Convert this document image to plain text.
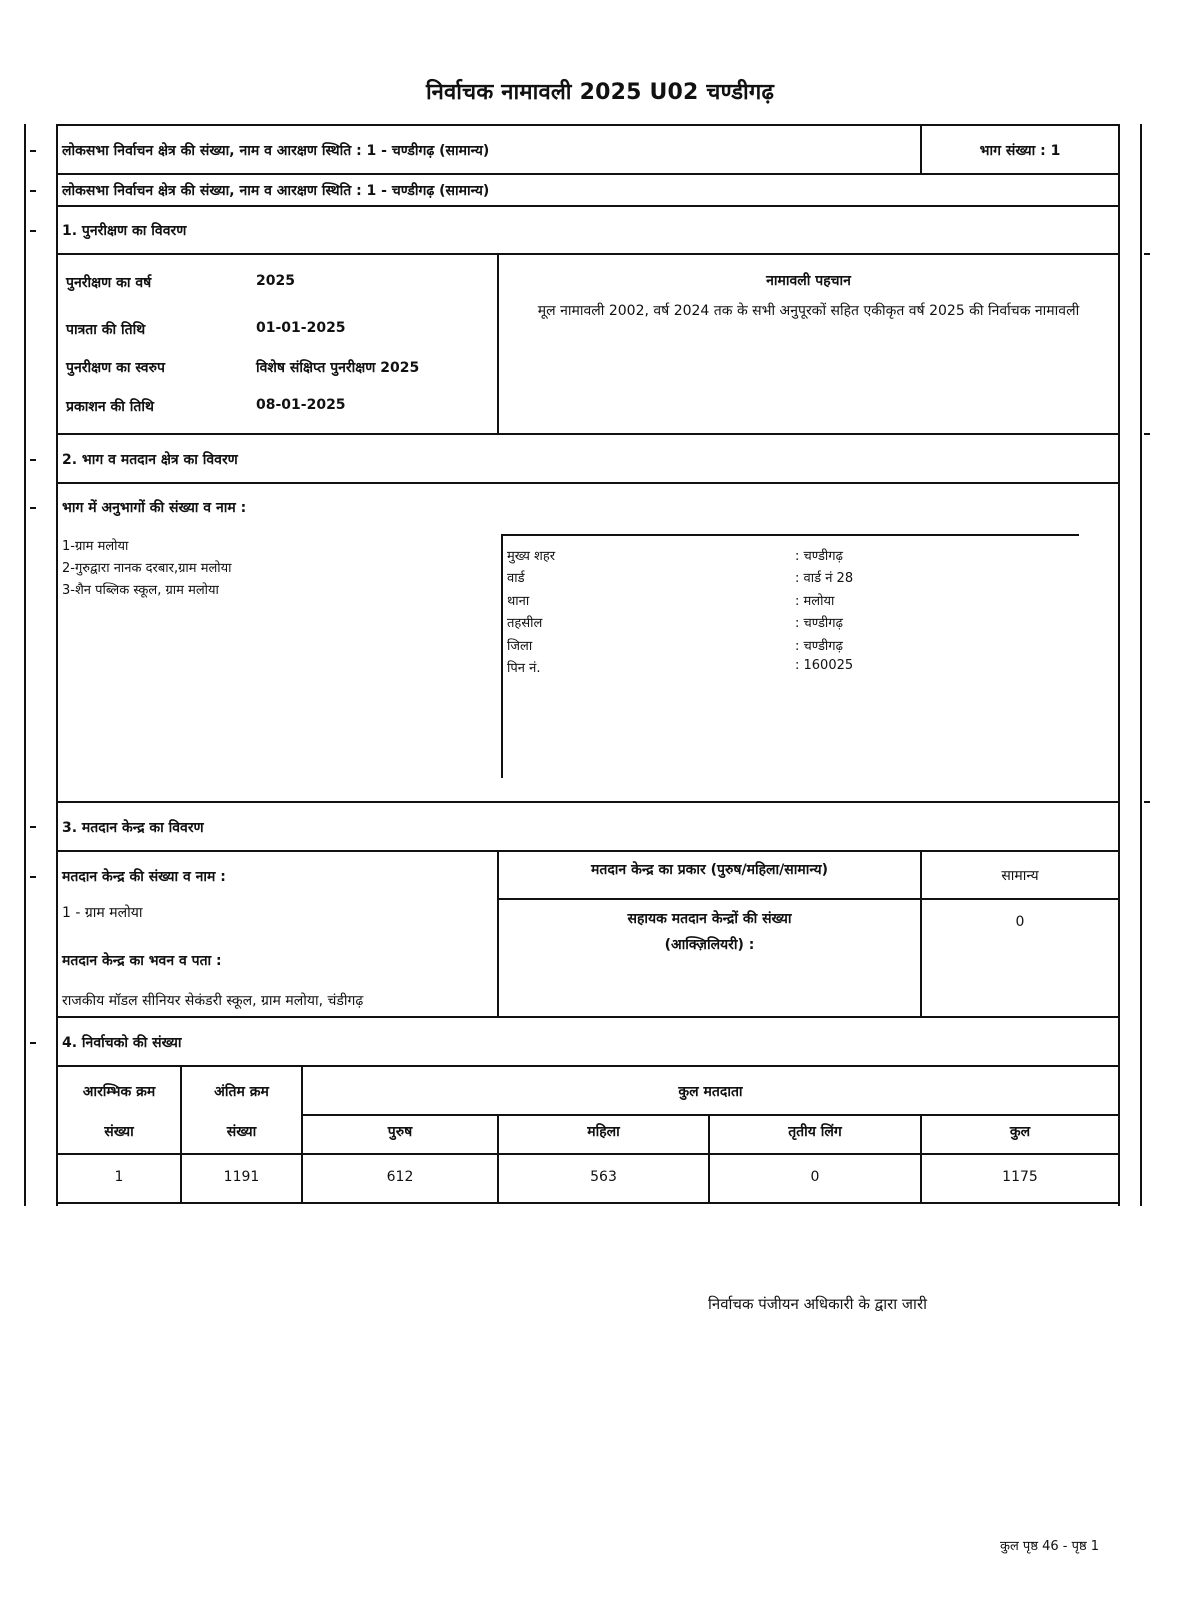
निर्वाचक नामावली 2025 U02 चण्डीगढ़
लोकसभा निर्वाचन क्षेत्र की संख्या, नाम व आरक्षण स्थिति : 1 - चण्डीगढ़ (सामान्य)	भाग संख्या : 1
लोकसभा निर्वाचन क्षेत्र की संख्या, नाम व आरक्षण स्थिति : 1 - चण्डीगढ़ (सामान्य)
1. पुनरीक्षण का विवरण
पुनरीक्षण का वर्ष	2025
पात्रता की तिथि	01-01-2025
पुनरीक्षण का स्वरुप	विशेष संक्षिप्त पुनरीक्षण 2025
प्रकाशन की तिथि	08-01-2025
नामावली पहचान
मूल नामावली 2002, वर्ष 2024 तक के सभी अनुपूरकों सहित एकीकृत वर्ष 2025 की निर्वाचक नामावली
2. भाग व मतदान क्षेत्र का विवरण
भाग में अनुभागों की संख्या व नाम :
1-ग्राम मलोया
2-गुरुद्वारा नानक दरबार,ग्राम मलोया
3-शैन पब्लिक स्कूल, ग्राम मलोया
मुख्य शहर	: चण्डीगढ़
वार्ड	: वार्ड नं 28
थाना	: मलोया
तहसील	: चण्डीगढ़
जिला	: चण्डीगढ़
पिन नं.	: 160025
3. मतदान केन्द्र का विवरण
मतदान केन्द्र की संख्या व नाम :
1 - ग्राम मलोया
मतदान केन्द्र का भवन व पता :
राजकीय मॉडल सीनियर सेकंडरी स्कूल, ग्राम मलोया, चंडीगढ़
मतदान केन्द्र का प्रकार (पुरुष/महिला/सामान्य)	सामान्य
सहायक मतदान केन्द्रों की संख्या
(आक्ज़िलियरी) :
0
4. निर्वाचको की संख्या
आरम्भिक क्रम
संख्या
अंतिम क्रम
संख्या
कुल मतदाता
पुरुष	महिला	तृतीय लिंग	कुल
1	1191	612	563	0	1175
निर्वाचक पंजीयन अधिकारी के द्वारा जारी
कुल पृष्ठ 46 - पृष्ठ 1
